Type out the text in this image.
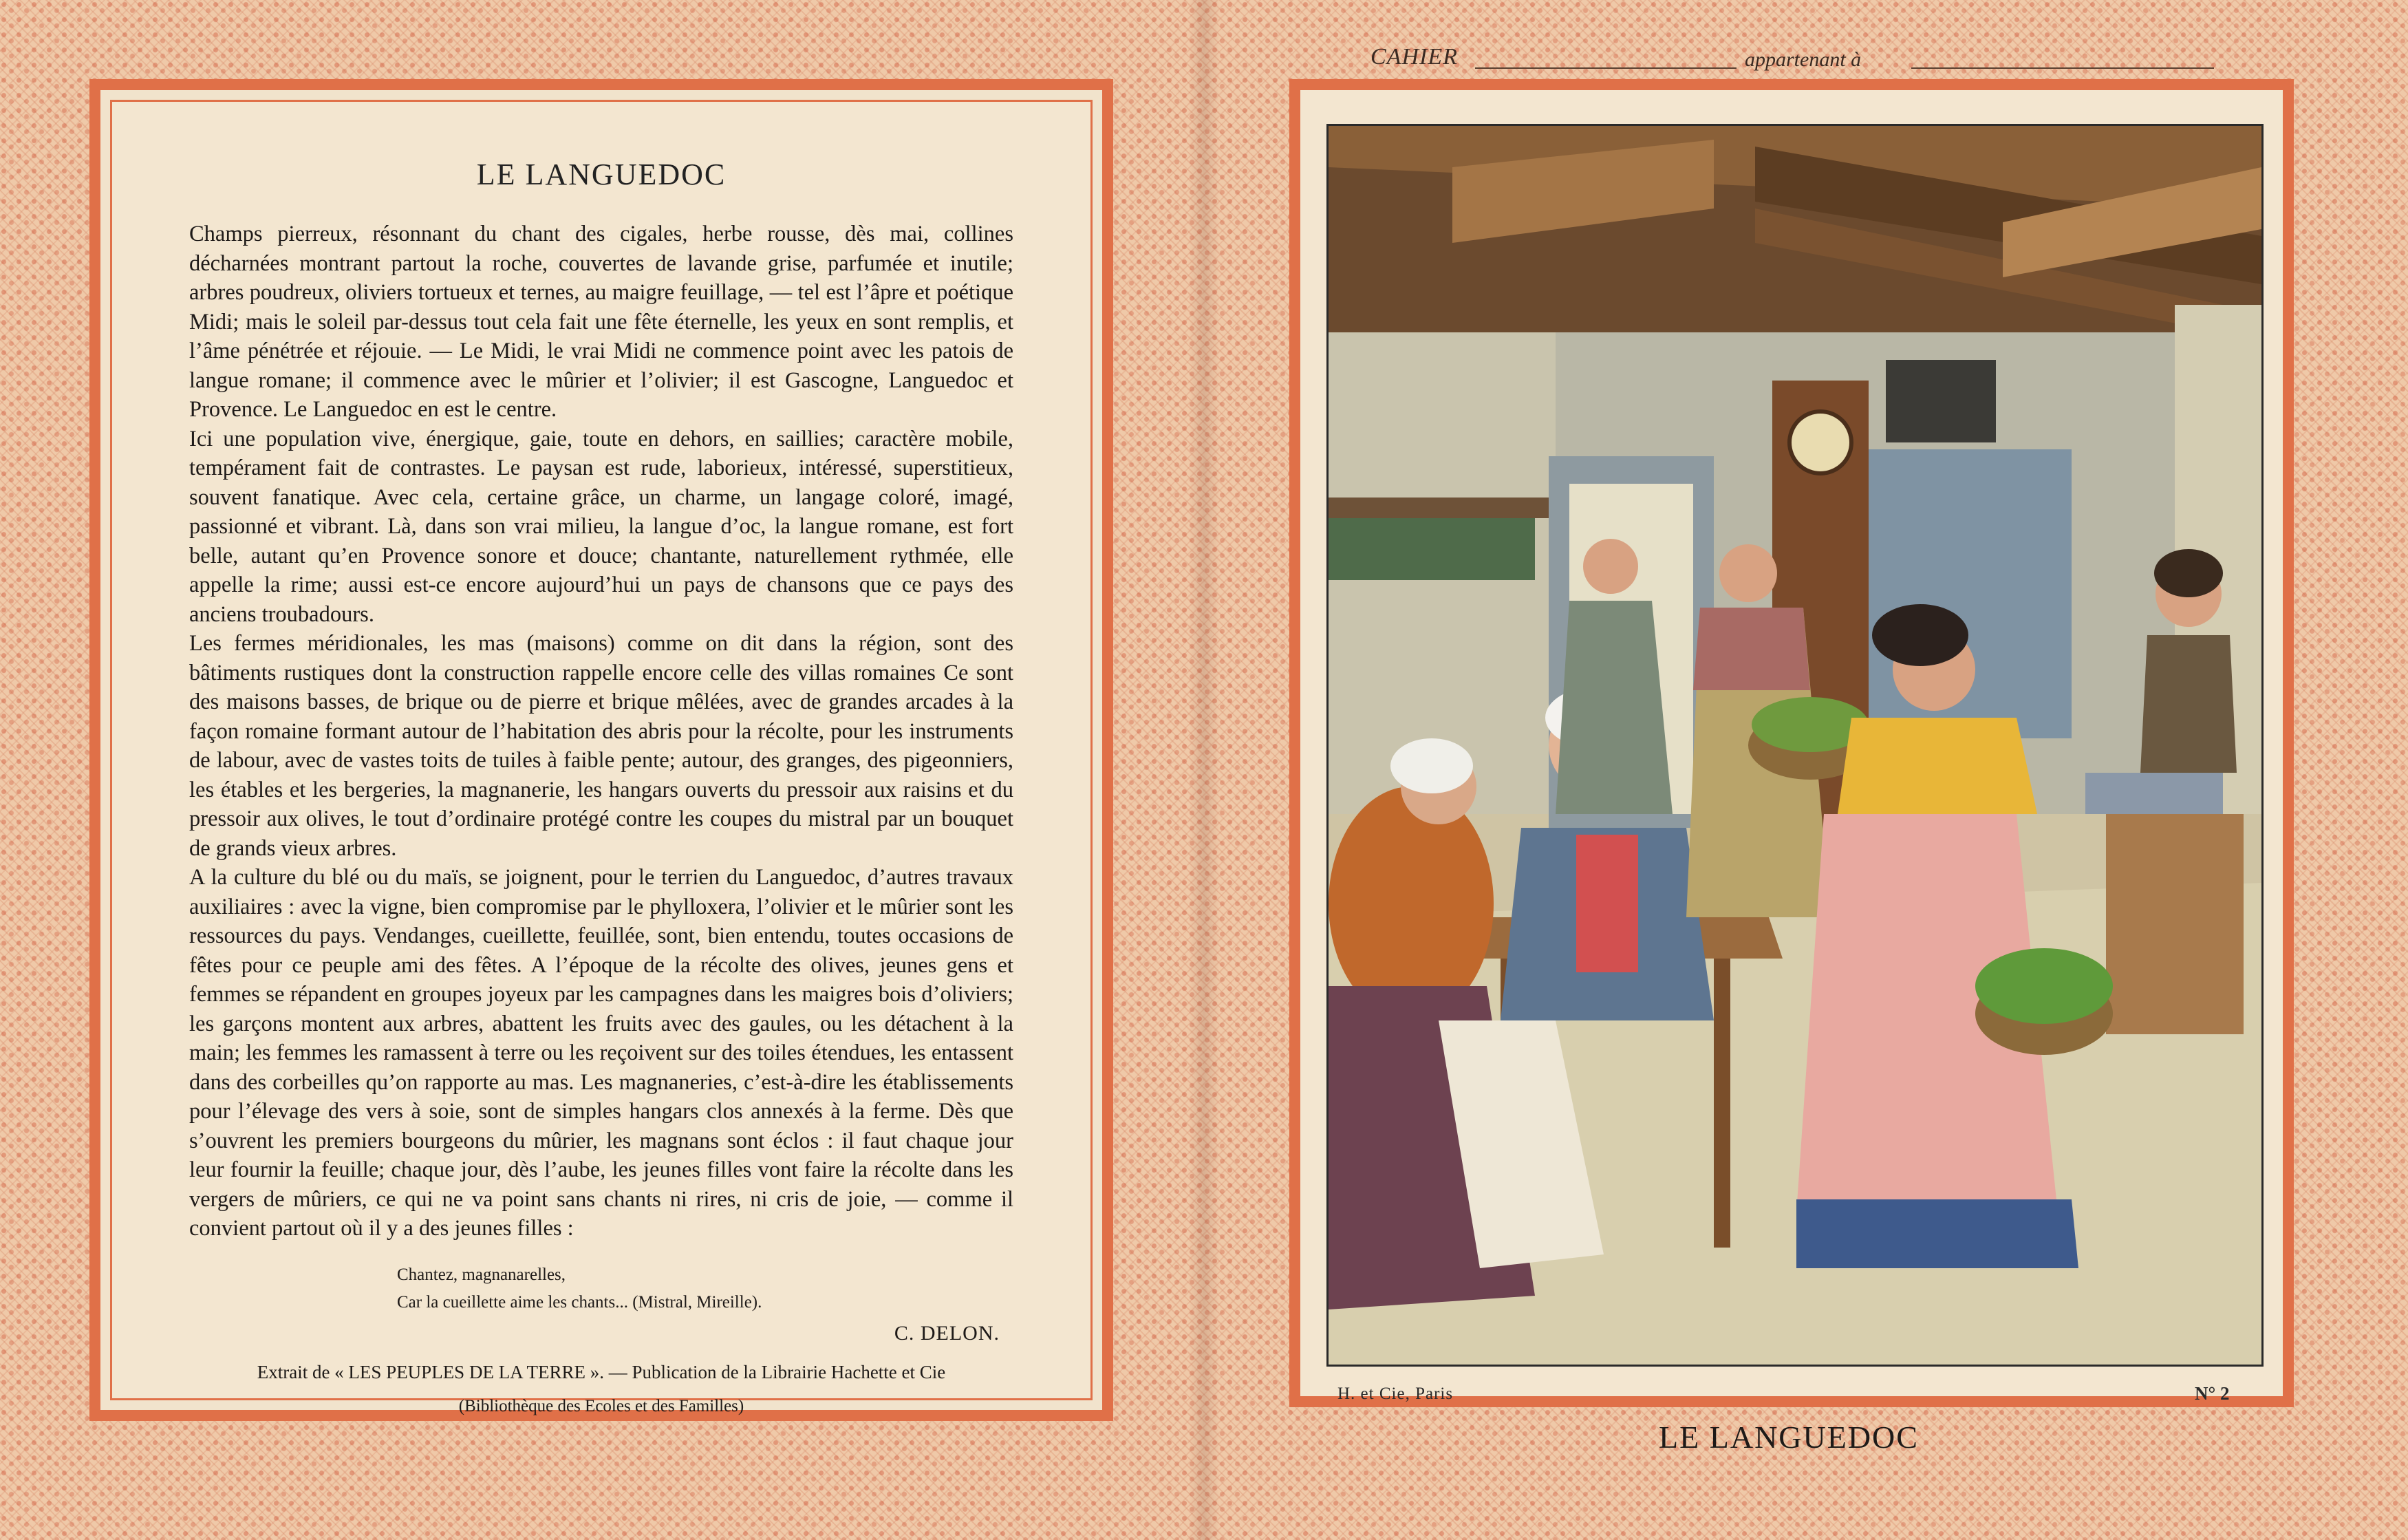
LE LANGUEDOC

Champs pierreux, résonnant du chant des cigales, herbe rousse, dès mai, collines décharnées montrant partout la roche, couvertes de lavande grise, parfumée et inutile; arbres poudreux, oliviers tortueux et ternes, au maigre feuillage, — tel est l’âpre et poétique Midi; mais le soleil par-dessus tout cela fait une fête éternelle, les yeux en sont remplis, et l’âme pénétrée et réjouie. — Le Midi, le vrai Midi ne commence point avec les patois de langue romane; il commence avec le mûrier et l’olivier; il est Gascogne, Languedoc et Provence. Le Languedoc en est le centre.

Ici une population vive, énergique, gaie, toute en dehors, en saillies; caractère mobile, tempérament fait de contrastes. Le paysan est rude, laborieux, intéressé, superstitieux, souvent fanatique. Avec cela, certaine grâce, un charme, un langage coloré, imagé, passionné et vibrant. Là, dans son vrai milieu, la langue d’oc, la langue romane, est fort belle, autant qu’en Provence sonore et douce; chantante, naturellement rythmée, elle appelle la rime; aussi est-ce encore aujourd’hui un pays de chansons que ce pays des anciens troubadours.

Les fermes méridionales, les mas (maisons) comme on dit dans la région, sont des bâtiments rustiques dont la construction rappelle encore celle des villas romaines Ce sont des maisons basses, de brique ou de pierre et brique mêlées, avec de grandes arcades à la façon romaine formant autour de l’habitation des abris pour la récolte, pour les instruments de labour, avec de vastes toits de tuiles à faible pente; autour, des granges, des pigeonniers, les étables et les bergeries, la magnanerie, les hangars ouverts du pressoir aux raisins et du pressoir aux olives, le tout d’ordinaire protégé contre les coupes du mistral par un bouquet de grands vieux arbres.

A la culture du blé ou du maïs, se joignent, pour le terrien du Languedoc, d’autres travaux auxiliaires : avec la vigne, bien compromise par le phylloxera, l’olivier et le mûrier sont les ressources du pays. Vendanges, cueillette, feuillée, sont, bien entendu, toutes occasions de fêtes pour ce peuple ami des fêtes. A l’époque de la récolte des olives, jeunes gens et femmes se répandent en groupes joyeux par les campagnes dans les maigres bois d’oliviers; les garçons montent aux arbres, abattent les fruits avec des gaules, ou les détachent à la main; les femmes les ramassent à terre ou les reçoivent sur des toiles étendues, les entassent dans des corbeilles qu’on rapporte au mas. Les magnaneries, c’est-à-dire les établissements pour l’élevage des vers à soie, sont de simples hangars clos annexés à la ferme. Dès que s’ouvrent les premiers bourgeons du mûrier, les magnans sont éclos : il faut chaque jour leur fournir la feuille; chaque jour, dès l’aube, les jeunes filles vont faire la récolte dans les vergers de mûriers, ce qui ne va point sans chants ni rires, ni cris de joie, — comme il convient partout où il y a des jeunes filles :

Chantez, magnanarelles,
Car la cueillette aime les chants... (Mistral, Mireille).
C. DELON.
Extrait de « LES PEUPLES DE LA TERRE ». — Publication de la Librairie Hachette et Cie
(Bibliothèque des Ecoles et des Familles)
CAHIER	appartenant à
H. et Cie, Paris	N° 2
LE LANGUEDOC
